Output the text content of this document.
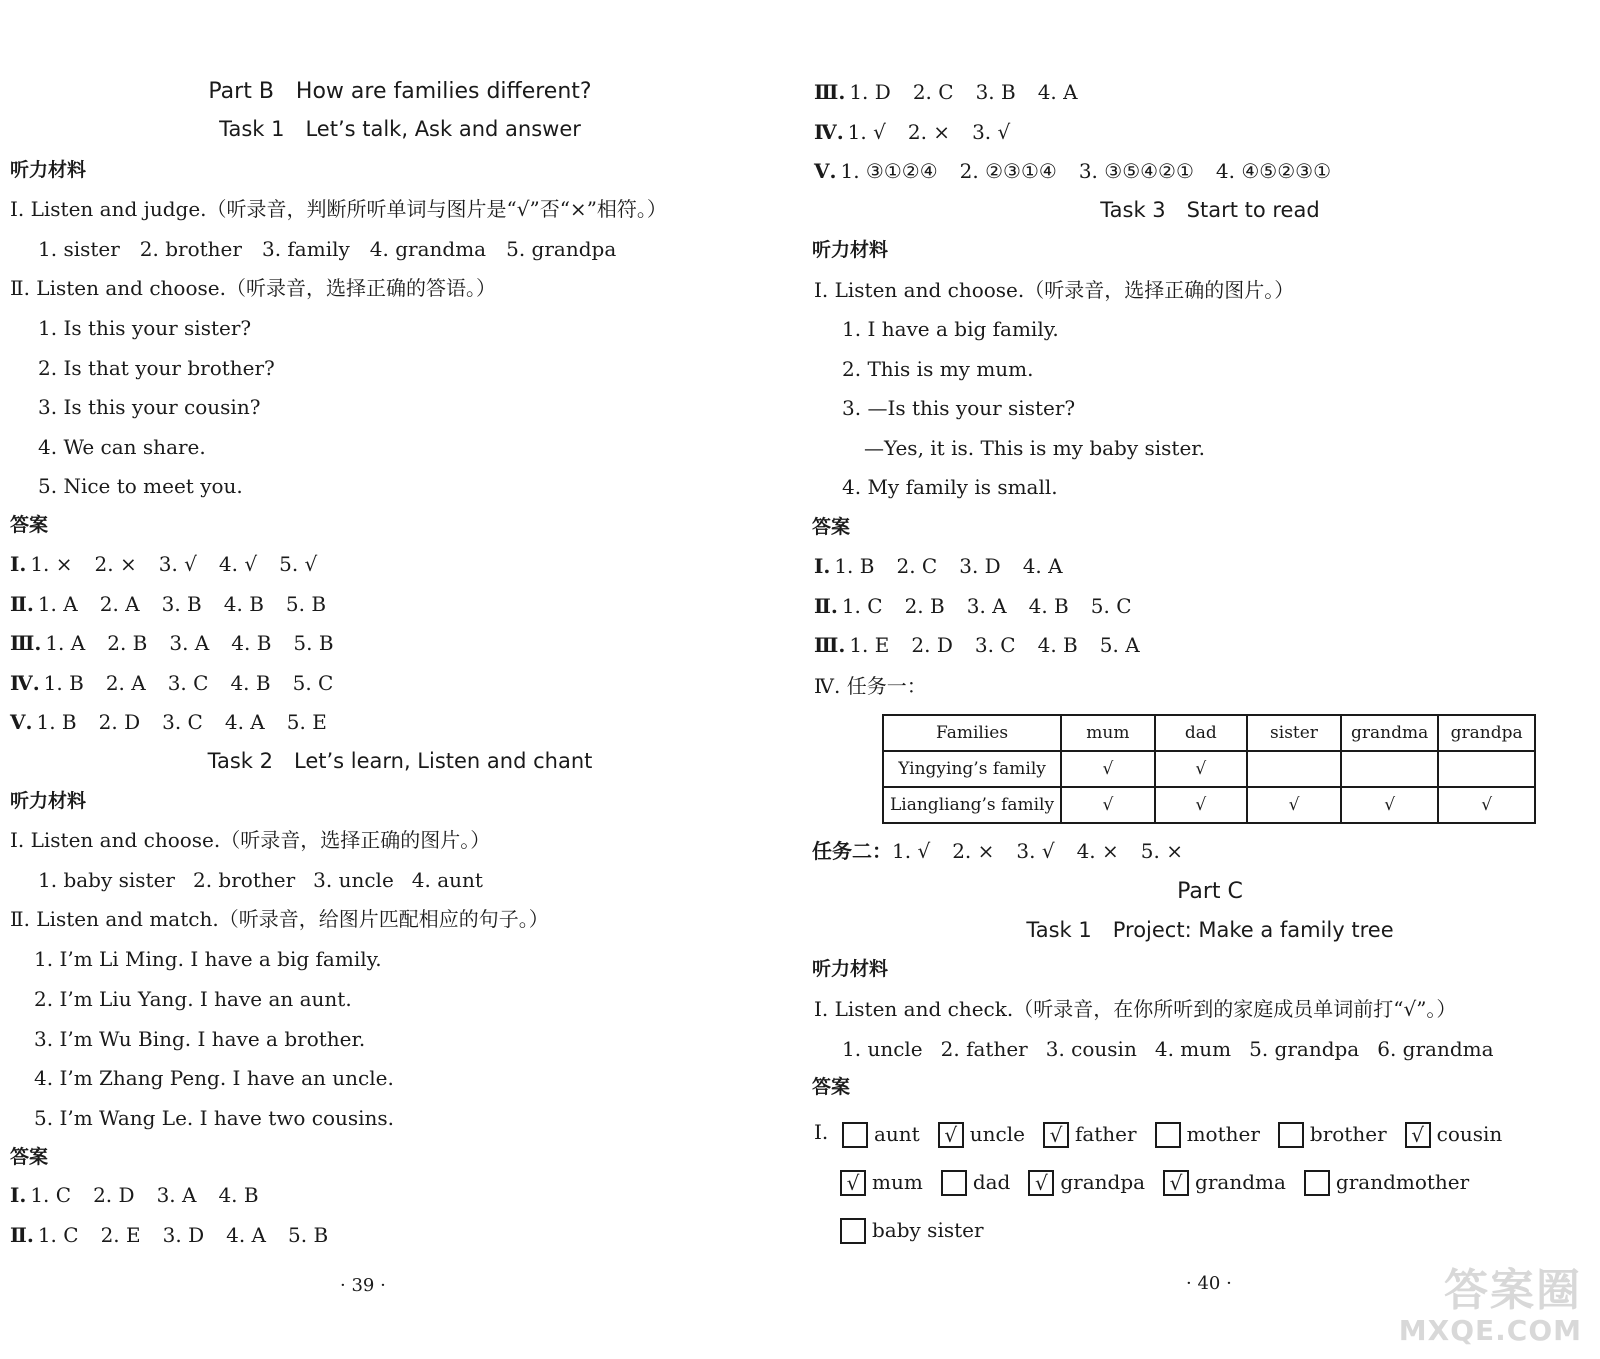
Part B　How are families different?
Task 1　Let’s talk, Ask and answer
听力材料
Ⅰ. Listen and judge.（听录音，判断所听单词与图片是“√”否“×”相符。）
1. sister 2. brother 3. family 4. grandma 5. grandpa
Ⅱ. Listen and choose.（听录音，选择正确的答语。）
1. Is this your sister?
2. Is that your brother?
3. Is this your cousin?
4. We can share.
5. Nice to meet you.
答案
Ⅰ. 1. × 2. × 3. √ 4. √ 5. √
Ⅱ. 1. A 2. A 3. B 4. B 5. B
Ⅲ. 1. A 2. B 3. A 4. B 5. B
Ⅳ. 1. B 2. A 3. C 4. B 5. C
Ⅴ. 1. B 2. D 3. C 4. A 5. E
Task 2　Let’s learn, Listen and chant
听力材料
Ⅰ. Listen and choose.（听录音，选择正确的图片。）
1. baby sister 2. brother 3. uncle 4. aunt
Ⅱ. Listen and match.（听录音，给图片匹配相应的句子。）
1. I’m Li Ming. I have a big family.
2. I’m Liu Yang. I have an aunt.
3. I’m Wu Bing. I have a brother.
4. I’m Zhang Peng. I have an uncle.
5. I’m Wang Le. I have two cousins.
答案
Ⅰ. 1. C 2. D 3. A 4. B
Ⅱ. 1. C 2. E 3. D 4. A 5. B
· 39 ·
Ⅲ. 1. D 2. C 3. B 4. A
Ⅳ. 1. √ 2. × 3. √
Ⅴ. 1. ③①②④ 2. ②③①④ 3. ③⑤④②① 4. ④⑤②③①
Task 3　Start to read
听力材料
Ⅰ. Listen and choose.（听录音，选择正确的图片。）
1. I have a big family.
2. This is my mum.
3. —Is this your sister?
—Yes, it is. This is my baby sister.
4. My family is small.
答案
Ⅰ. 1. B 2. C 3. D 4. A
Ⅱ. 1. C 2. B 3. A 4. B 5. C
Ⅲ. 1. E 2. D 3. C 4. B 5. A
Ⅳ. 任务一：
Families	mum	dad	sister	grandma	grandpa
Yingying’s family	√	√			
Liangliang’s family	√	√	√	√	√
任务二：1. √ 2. × 3. √ 4. × 5. ×
Part C
Task 1　Project: Make a family tree
听力材料
Ⅰ. Listen and check.（听录音，在你所听到的家庭成员单词前打“√”。）
1. uncle 2. father 3. cousin 4. mum 5. grandpa 6. grandma
答案
Ⅰ.	aunt √ uncle √ father	mother	brother √ cousin
√ mum	dad √ grandpa √ grandma	grandmother
baby sister
· 40 ·	答案圈
MXQE.COM
